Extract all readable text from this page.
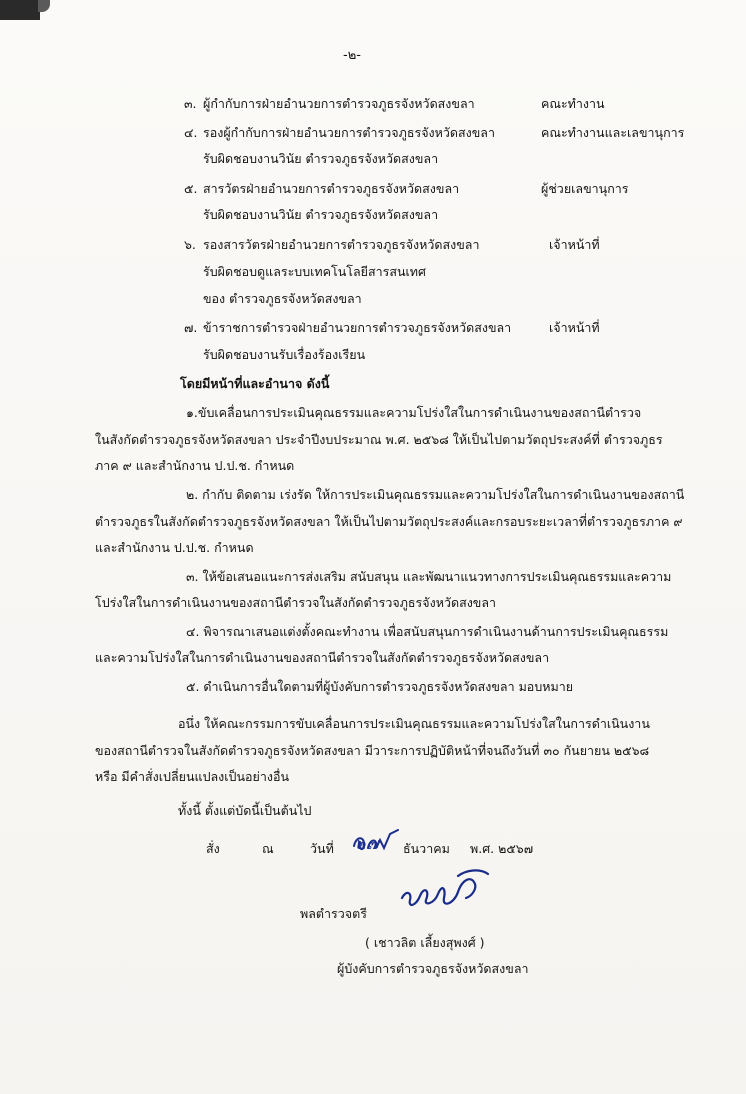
-๒-
๓. ผู้กำกับการฝ่ายอำนวยการตำรวจภูธรจังหวัดสงขลา	คณะทำงาน
๔. รองผู้กำกับการฝ่ายอำนวยการตำรวจภูธรจังหวัดสงขลา	คณะทำงานและเลขานุการ
รับผิดชอบงานวินัย ตำรวจภูธรจังหวัดสงขลา
๕. สารวัตรฝ่ายอำนวยการตำรวจภูธรจังหวัดสงขลา	ผู้ช่วยเลขานุการ
รับผิดชอบงานวินัย ตำรวจภูธรจังหวัดสงขลา
๖. รองสารวัตรฝ่ายอำนวยการตำรวจภูธรจังหวัดสงขลา	เจ้าหน้าที่
รับผิดชอบดูแลระบบเทคโนโลยีสารสนเทศ
ของ ตำรวจภูธรจังหวัดสงขลา
๗. ข้าราชการตำรวจฝ่ายอำนวยการตำรวจภูธรจังหวัดสงขลา	เจ้าหน้าที่
รับผิดชอบงานรับเรื่องร้องเรียน
โดยมีหน้าที่และอำนาจ ดังนี้
๑.ขับเคลื่อนการประเมินคุณธรรมและความโปร่งใสในการดำเนินงานของสถานีตำรวจ
ในสังกัดตำรวจภูธรจังหวัดสงขลา ประจำปีงบประมาณ พ.ศ. ๒๕๖๘ ให้เป็นไปตามวัตถุประสงค์ที่ ตำรวจภูธร
ภาค ๙ และสำนักงาน ป.ป.ช. กำหนด
๒. กำกับ ติดตาม เร่งรัด ให้การประเมินคุณธรรมและความโปร่งใสในการดำเนินงานของสถานี
ตำรวจภูธรในสังกัดตำรวจภูธรจังหวัดสงขลา ให้เป็นไปตามวัตถุประสงค์และกรอบระยะเวลาที่ตำรวจภูธรภาค ๙
และสำนักงาน ป.ป.ช. กำหนด
๓. ให้ข้อเสนอแนะการส่งเสริม สนับสนุน และพัฒนาแนวทางการประเมินคุณธรรมและความ
โปร่งใสในการดำเนินงานของสถานีตำรวจในสังกัดตำรวจภูธรจังหวัดสงขลา
๔. พิจารณาเสนอแต่งตั้งคณะทำงาน เพื่อสนับสนุนการดำเนินงานด้านการประเมินคุณธรรม
และความโปร่งใสในการดำเนินงานของสถานีตำรวจในสังกัดตำรวจภูธรจังหวัดสงขลา
๕. ดำเนินการอื่นใดตามที่ผู้บังคับการตำรวจภูธรจังหวัดสงขลา มอบหมาย
อนึ่ง ให้คณะกรรมการขับเคลื่อนการประเมินคุณธรรมและความโปร่งใสในการดำเนินงาน
ของสถานีตำรวจในสังกัดตำรวจภูธรจังหวัดสงขลา มีวาระการปฏิบัติหน้าที่จนถึงวันที่ ๓๐ กันยายน ๒๕๖๘
หรือ มีคำสั่งเปลี่ยนแปลงเป็นอย่างอื่น
ทั้งนี้ ตั้งแต่บัดนี้เป็นต้นไป
สั่ง	ณ	วันที่ ๒๗ ธันวาคม พ.ศ. ๒๕๖๗
พลตำรวจตรี
( เชาวลิต เลี้ยงสุพงศ์ )
ผู้บังคับการตำรวจภูธรจังหวัดสงขลา
